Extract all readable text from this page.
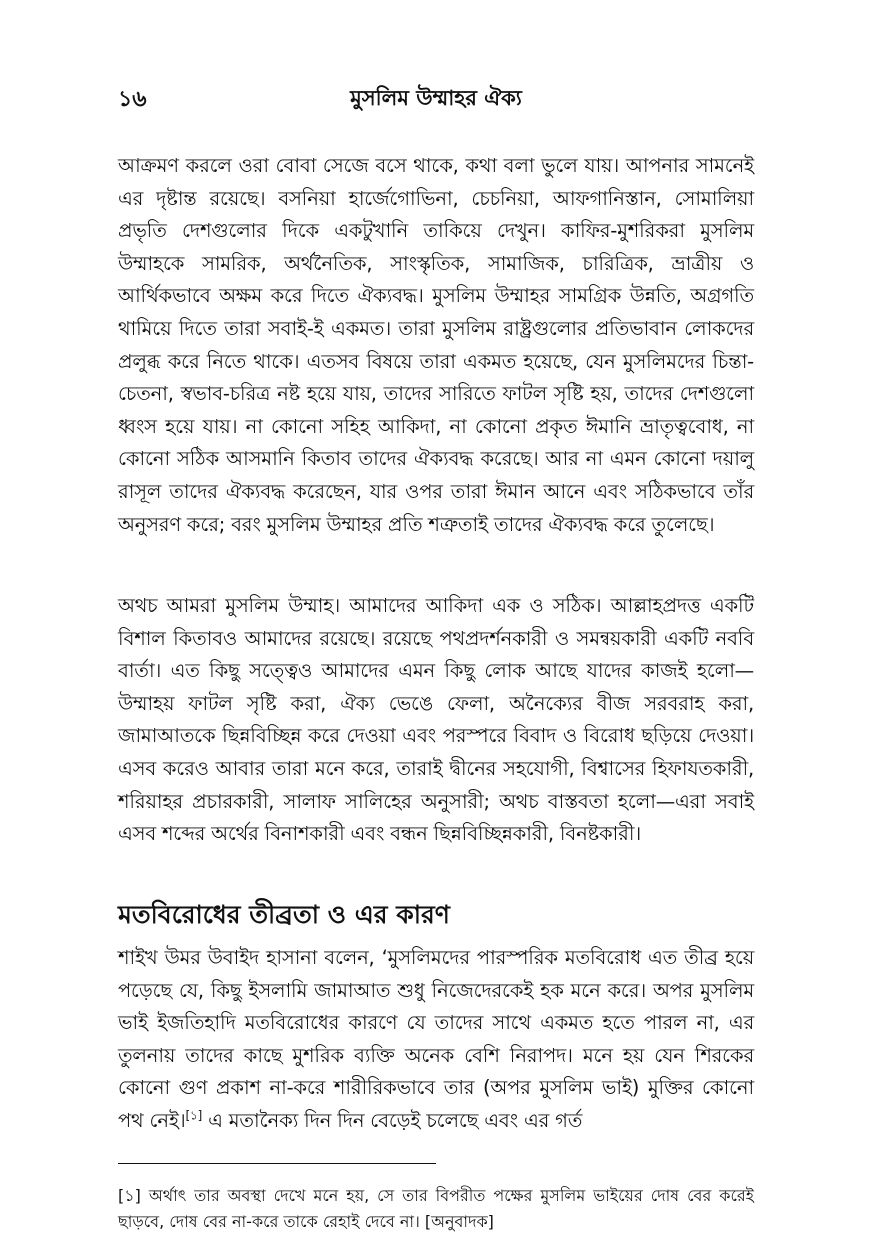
১৬	মুসলিম উম্মাহর ঐক্য

আক্রমণ করলে ওরা বোবা সেজে বসে থাকে, কথা বলা ভুলে যায়। আপনার সামনেই এর দৃষ্টান্ত রয়েছে। বসনিয়া হার্জেগোভিনা, চেচনিয়া, আফগানিস্তান, সোমালিয়া প্রভৃতি দেশগুলোর দিকে একটুখানি তাকিয়ে দেখুন। কাফির-মুশরিকরা মুসলিম উম্মাহকে সামরিক, অর্থনৈতিক, সাংস্কৃতিক, সামাজিক, চারিত্রিক, ভ্রাত্রীয় ও আর্থিকভাবে অক্ষম করে দিতে ঐক্যবদ্ধ। মুসলিম উম্মাহর সামগ্রিক উন্নতি, অগ্রগতি থামিয়ে দিতে তারা সবাই-ই একমত। তারা মুসলিম রাষ্ট্রগুলোর প্রতিভাবান লোকদের প্রলুব্ধ করে নিতে থাকে। এতসব বিষয়ে তারা একমত হয়েছে, যেন মুসলিমদের চিন্তা-চেতনা, স্বভাব-চরিত্র নষ্ট হয়ে যায়, তাদের সারিতে ফাটল সৃষ্টি হয়, তাদের দেশগুলো ধ্বংস হয়ে যায়। না কোনো সহিহ আকিদা, না কোনো প্রকৃত ঈমানি ভ্রাতৃত্ববোধ, না কোনো সঠিক আসমানি কিতাব তাদের ঐক্যবদ্ধ করেছে। আর না এমন কোনো দয়ালু রাসূল তাদের ঐক্যবদ্ধ করেছেন, যার ওপর তারা ঈমান আনে এবং সঠিকভাবে তাঁর অনুসরণ করে; বরং মুসলিম উম্মাহর প্রতি শত্রুতাই তাদের ঐক্যবদ্ধ করে তুলেছে।

অথচ আমরা মুসলিম উম্মাহ। আমাদের আকিদা এক ও সঠিক। আল্লাহপ্রদত্ত একটি বিশাল কিতাবও আমাদের রয়েছে। রয়েছে পথপ্রদর্শনকারী ও সমন্বয়কারী একটি নববি বার্তা। এত কিছু সত্ত্বেও আমাদের এমন কিছু লোক আছে যাদের কাজই হলো—উম্মাহয় ফাটল সৃষ্টি করা, ঐক্য ভেঙে ফেলা, অনৈক্যের বীজ সরবরাহ করা, জামাআতকে ছিন্নবিচ্ছিন্ন করে দেওয়া এবং পরস্পরে বিবাদ ও বিরোধ ছড়িয়ে দেওয়া। এসব করেও আবার তারা মনে করে, তারাই দ্বীনের সহযোগী, বিশ্বাসের হিফাযতকারী, শরিয়াহর প্রচারকারী, সালাফ সালিহের অনুসারী; অথচ বাস্তবতা হলো—এরা সবাই এসব শব্দের অর্থের বিনাশকারী এবং বন্ধন ছিন্নবিচ্ছিন্নকারী, বিনষ্টকারী।

মতবিরোধের তীব্রতা ও এর কারণ

শাইখ উমর উবাইদ হাসানা বলেন, ‘মুসলিমদের পারস্পরিক মতবিরোধ এত তীব্র হয়ে পড়েছে যে, কিছু ইসলামি জামাআত শুধু নিজেদেরকেই হক মনে করে। অপর মুসলিম ভাই ইজতিহাদি মতবিরোধের কারণে যে তাদের সাথে একমত হতে পারল না, এর তুলনায় তাদের কাছে মুশরিক ব্যক্তি অনেক বেশি নিরাপদ। মনে হয় যেন শিরকের কোনো গুণ প্রকাশ না-করে শারীরিকভাবে তার (অপর মুসলিম ভাই) মুক্তির কোনো পথ নেই।[১] এ মতানৈক্য দিন দিন বেড়েই চলেছে এবং এর গর্ত

[১] অর্থাৎ তার অবস্থা দেখে মনে হয়, সে তার বিপরীত পক্ষের মুসলিম ভাইয়ের দোষ বের করেই ছাড়বে, দোষ বের না-করে তাকে রেহাই দেবে না। [অনুবাদক]
